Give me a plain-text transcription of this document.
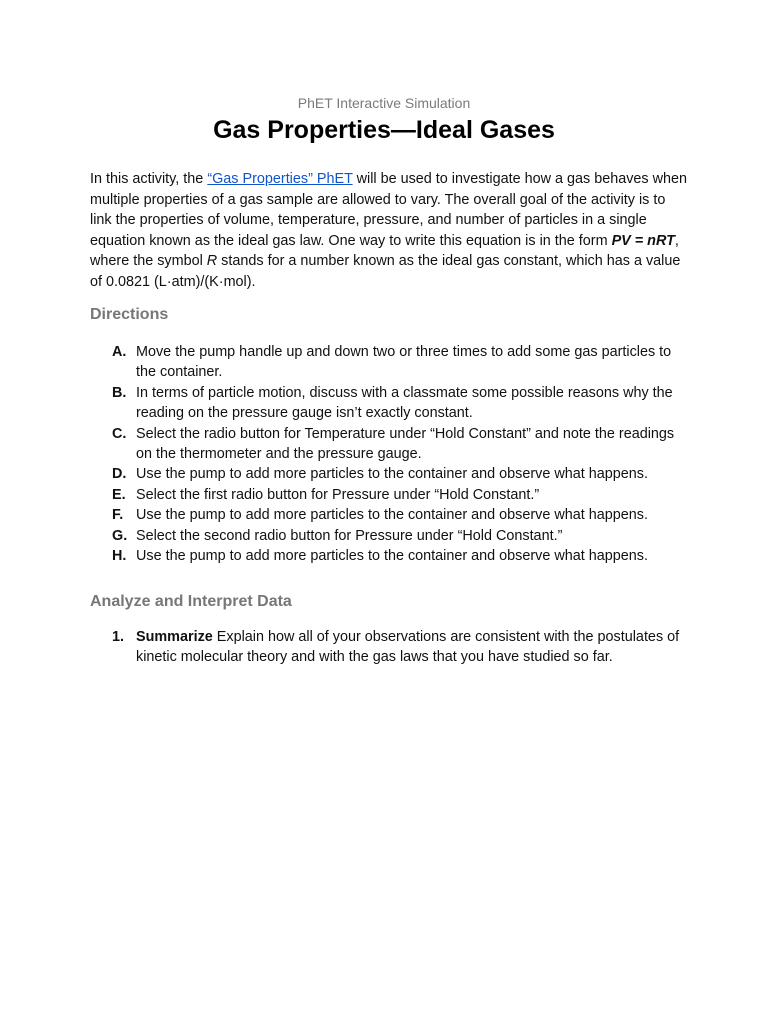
PhET Interactive Simulation
Gas Properties—Ideal Gases

In this activity, the “Gas Properties” PhET will be used to investigate how a gas behaves when multiple properties of a gas sample are allowed to vary. The overall goal of the activity is to link the properties of volume, temperature, pressure, and number of particles in a single equation known as the ideal gas law. One way to write this equation is in the form PV = nRT, where the symbol R stands for a number known as the ideal gas constant, which has a value of 0.0821 (L·atm)/(K·mol).

Directions
A. Move the pump handle up and down two or three times to add some gas particles to the container.
B. In terms of particle motion, discuss with a classmate some possible reasons why the reading on the pressure gauge isn’t exactly constant.
C. Select the radio button for Temperature under “Hold Constant” and note the readings on the thermometer and the pressure gauge.
D. Use the pump to add more particles to the container and observe what happens.
E. Select the first radio button for Pressure under “Hold Constant.”
F. Use the pump to add more particles to the container and observe what happens.
G. Select the second radio button for Pressure under “Hold Constant.”
H. Use the pump to add more particles to the container and observe what happens.
Analyze and Interpret Data
1. Summarize Explain how all of your observations are consistent with the postulates of kinetic molecular theory and with the gas laws that you have studied so far.
